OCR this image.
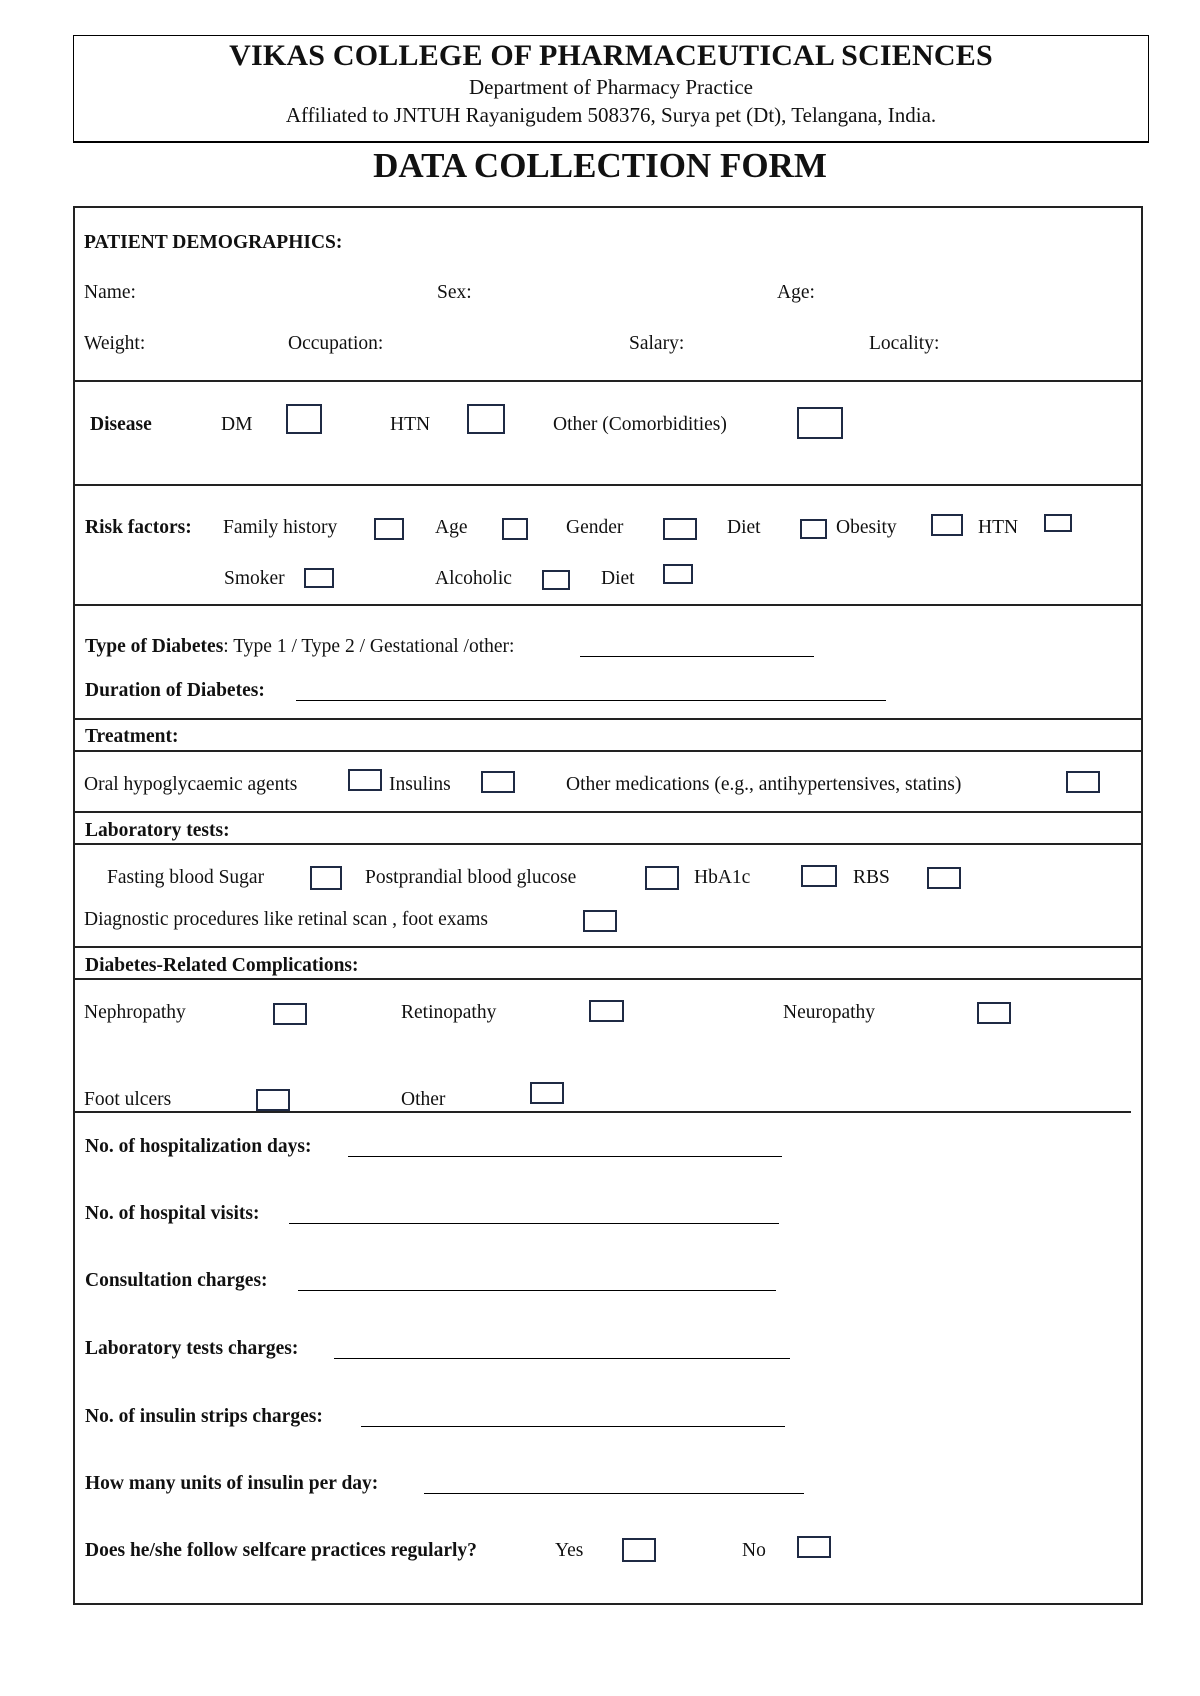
VIKAS COLLEGE OF PHARMACEUTICAL SCIENCES
Department of Pharmacy Practice
Affiliated to JNTUH Rayanigudem 508376, Surya pet (Dt), Telangana, India.
DATA COLLECTION FORM
PATIENT DEMOGRAPHICS:
Name:	Sex:	Age:
Weight:	Occupation:	Salary:	Locality:
Disease	DM	HTN	Other (Comorbidities)
Risk factors: Family history	Age	Gender	Diet	Obesity	HTN
Smoker	Alcoholic	Diet
Type of Diabetes: Type 1 / Type 2 / Gestational /other:
Duration of Diabetes:
Treatment:
Oral hypoglycaemic agents	Insulins	Other medications (e.g., antihypertensives, statins)
Laboratory tests:
Fasting blood Sugar	Postprandial blood glucose	HbA1c	RBS
Diagnostic procedures like retinal scan , foot exams
Diabetes-Related Complications:
Nephropathy	Retinopathy	Neuropathy
Foot ulcers	Other
No. of hospitalization days:
No. of hospital visits:
Consultation charges:
Laboratory tests charges:
No. of insulin strips charges:
How many units of insulin per day:
Does he/she follow selfcare practices regularly?	Yes	No
